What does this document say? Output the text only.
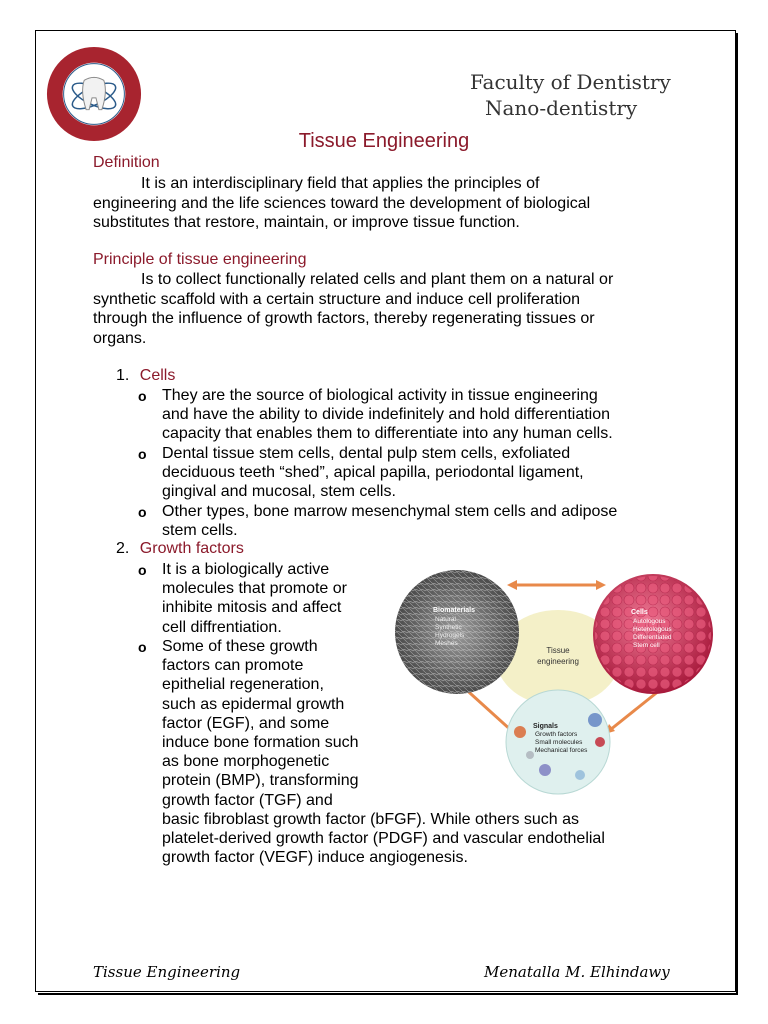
Faculty of Dentistry
Nano-dentistry
Tissue Engineering
Definition
It is an interdisciplinary field that applies the principles of
engineering and the life sciences toward the development of biological
substitutes that restore, maintain, or improve tissue function.
Principle of tissue engineering
Is to collect functionally related cells and plant them on a natural or
synthetic scaffold with a certain structure and induce cell proliferation
through the influence of growth factors, thereby regenerating tissues or
organs.
1. Cells
o They are the source of biological activity in tissue engineering
and have the ability to divide indefinitely and hold differentiation
capacity that enables them to differentiate into any human cells.
o Dental tissue stem cells, dental pulp stem cells, exfoliated
deciduous teeth “shed”, apical papilla, periodontal ligament,
gingival and mucosal, stem cells.
o Other types, bone marrow mesenchymal stem cells and adipose
stem cells.
2. Growth factors
o It is a biologically active
molecules that promote or
inhibite mitosis and affect
cell diffrentiation.
o Some of these growth
factors can promote
epithelial regeneration,
such as epidermal growth
factor (EGF), and some
induce bone formation such
as bone morphogenetic
protein (BMP), transforming
growth factor (TGF) and
basic fibroblast growth factor (bFGF). While others such as
platelet-derived growth factor (PDGF) and vascular endothelial
growth factor (VEGF) induce angiogenesis.
Tissue
engineering
Biomaterials
Natural
Synthetic
Hydrogels
Meshes
Cells
Autologous
Heterologous
Differentiated
Stem cell
Signals
Growth factors
Small molecules
Mechanical forces
Tissue Engineering	Menatalla M. Elhindawy
